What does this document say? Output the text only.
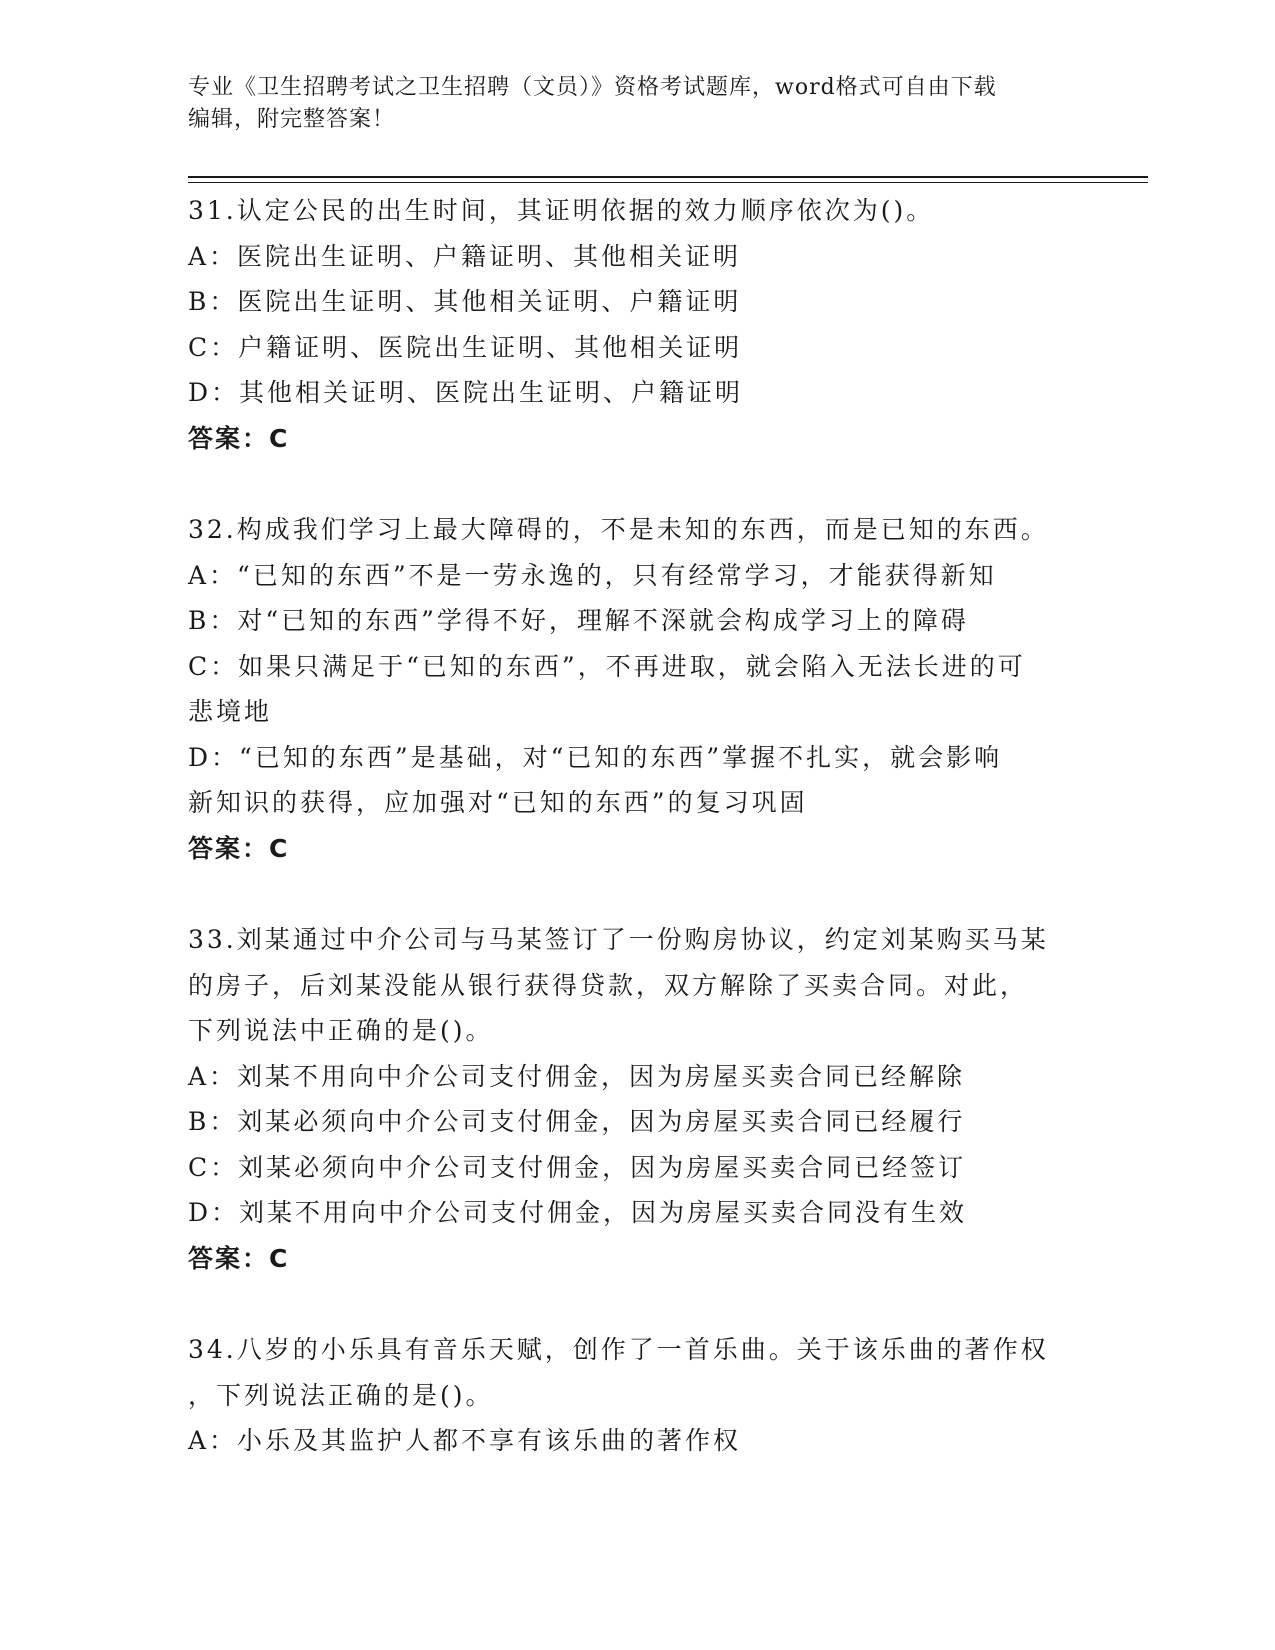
专业《卫生招聘考试之卫生招聘（文员）》资格考试题库，word格式可自由下载
编辑，附完整答案！
31.认定公民的出生时间，其证明依据的效力顺序依次为()。
A：医院出生证明、户籍证明、其他相关证明
B：医院出生证明、其他相关证明、户籍证明
C：户籍证明、医院出生证明、其他相关证明
D：其他相关证明、医院出生证明、户籍证明
答案：C
32.构成我们学习上最大障碍的，不是未知的东西，而是已知的东西。
A：“已知的东西”不是一劳永逸的，只有经常学习，才能获得新知
B：对“已知的东西”学得不好，理解不深就会构成学习上的障碍
C：如果只满足于“已知的东西”，不再进取，就会陷入无法长进的可
悲境地
D：“已知的东西”是基础，对“已知的东西”掌握不扎实，就会影响
新知识的获得，应加强对“已知的东西”的复习巩固
答案：C
33.刘某通过中介公司与马某签订了一份购房协议，约定刘某购买马某
的房子，后刘某没能从银行获得贷款，双方解除了买卖合同。对此，
下列说法中正确的是()。
A：刘某不用向中介公司支付佣金，因为房屋买卖合同已经解除
B：刘某必须向中介公司支付佣金，因为房屋买卖合同已经履行
C：刘某必须向中介公司支付佣金，因为房屋买卖合同已经签订
D：刘某不用向中介公司支付佣金，因为房屋买卖合同没有生效
答案：C
34.八岁的小乐具有音乐天赋，创作了一首乐曲。关于该乐曲的著作权
，下列说法正确的是()。
A：小乐及其监护人都不享有该乐曲的著作权
